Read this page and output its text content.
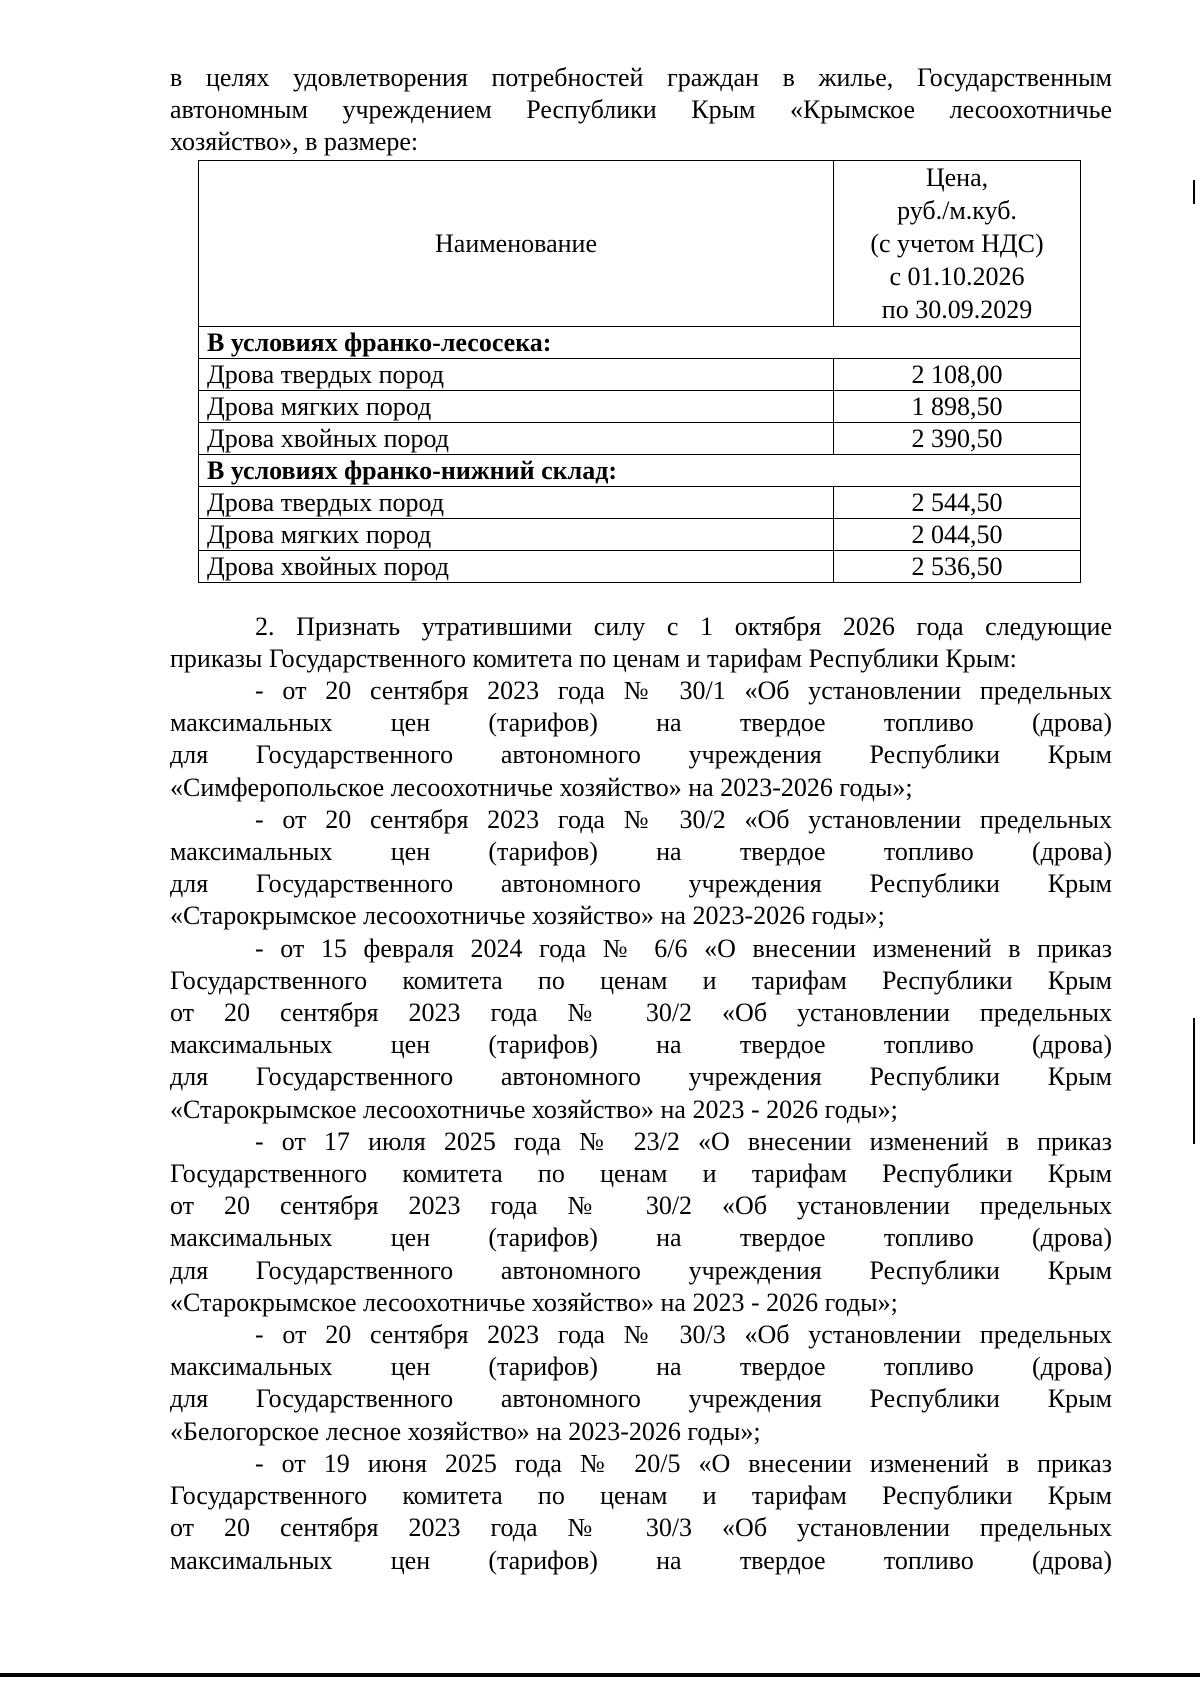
в целях удовлетворения потребностей граждан в жилье, Государственным

автономным учреждением Республики Крым «Крымское лесоохотничье

хозяйство», в размере:

Наименование	Цена,
руб./м.куб.
(с учетом НДС)
с 01.10.2026
по 30.09.2029

В условиях франко-лесосека:	
Дрова твердых пород	2 108,00
Дрова мягких пород	1 898,50
Дрова хвойных пород	2 390,50
В условиях франко-нижний склад:	
Дрова твердых пород	2 544,50
Дрова мягких пород	2 044,50
Дрова хвойных пород	2 536,50

2. Признать утратившими силу с 1 октября 2026 года следующие

приказы Государственного комитета по ценам и тарифам Республики Крым:

- от 20 сентября 2023 года № 30/1 «Об установлении предельных

максимальных цен (тарифов) на твердое топливо (дрова)

для Государственного автономного учреждения Республики Крым

«Симферопольское лесоохотничье хозяйство» на 2023-2026 годы»;

- от 20 сентября 2023 года № 30/2 «Об установлении предельных

максимальных цен (тарифов) на твердое топливо (дрова)

для Государственного автономного учреждения Республики Крым

«Старокрымское лесоохотничье хозяйство» на 2023-2026 годы»;

- от 15 февраля 2024 года № 6/6 «О внесении изменений в приказ

Государственного комитета по ценам и тарифам Республики Крым

от 20 сентября 2023 года № 30/2 «Об установлении предельных

максимальных цен (тарифов) на твердое топливо (дрова)

для Государственного автономного учреждения Республики Крым

«Старокрымское лесоохотничье хозяйство» на 2023 - 2026 годы»;

- от 17 июля 2025 года № 23/2 «О внесении изменений в приказ

Государственного комитета по ценам и тарифам Республики Крым

от 20 сентября 2023 года № 30/2 «Об установлении предельных

максимальных цен (тарифов) на твердое топливо (дрова)

для Государственного автономного учреждения Республики Крым

«Старокрымское лесоохотничье хозяйство» на 2023 - 2026 годы»;

- от 20 сентября 2023 года № 30/3 «Об установлении предельных

максимальных цен (тарифов) на твердое топливо (дрова)

для Государственного автономного учреждения Республики Крым

«Белогорское лесное хозяйство» на 2023-2026 годы»;

- от 19 июня 2025 года № 20/5 «О внесении изменений в приказ

Государственного комитета по ценам и тарифам Республики Крым

от 20 сентября 2023 года № 30/3 «Об установлении предельных

максимальных цен (тарифов) на твердое топливо (дрова)
